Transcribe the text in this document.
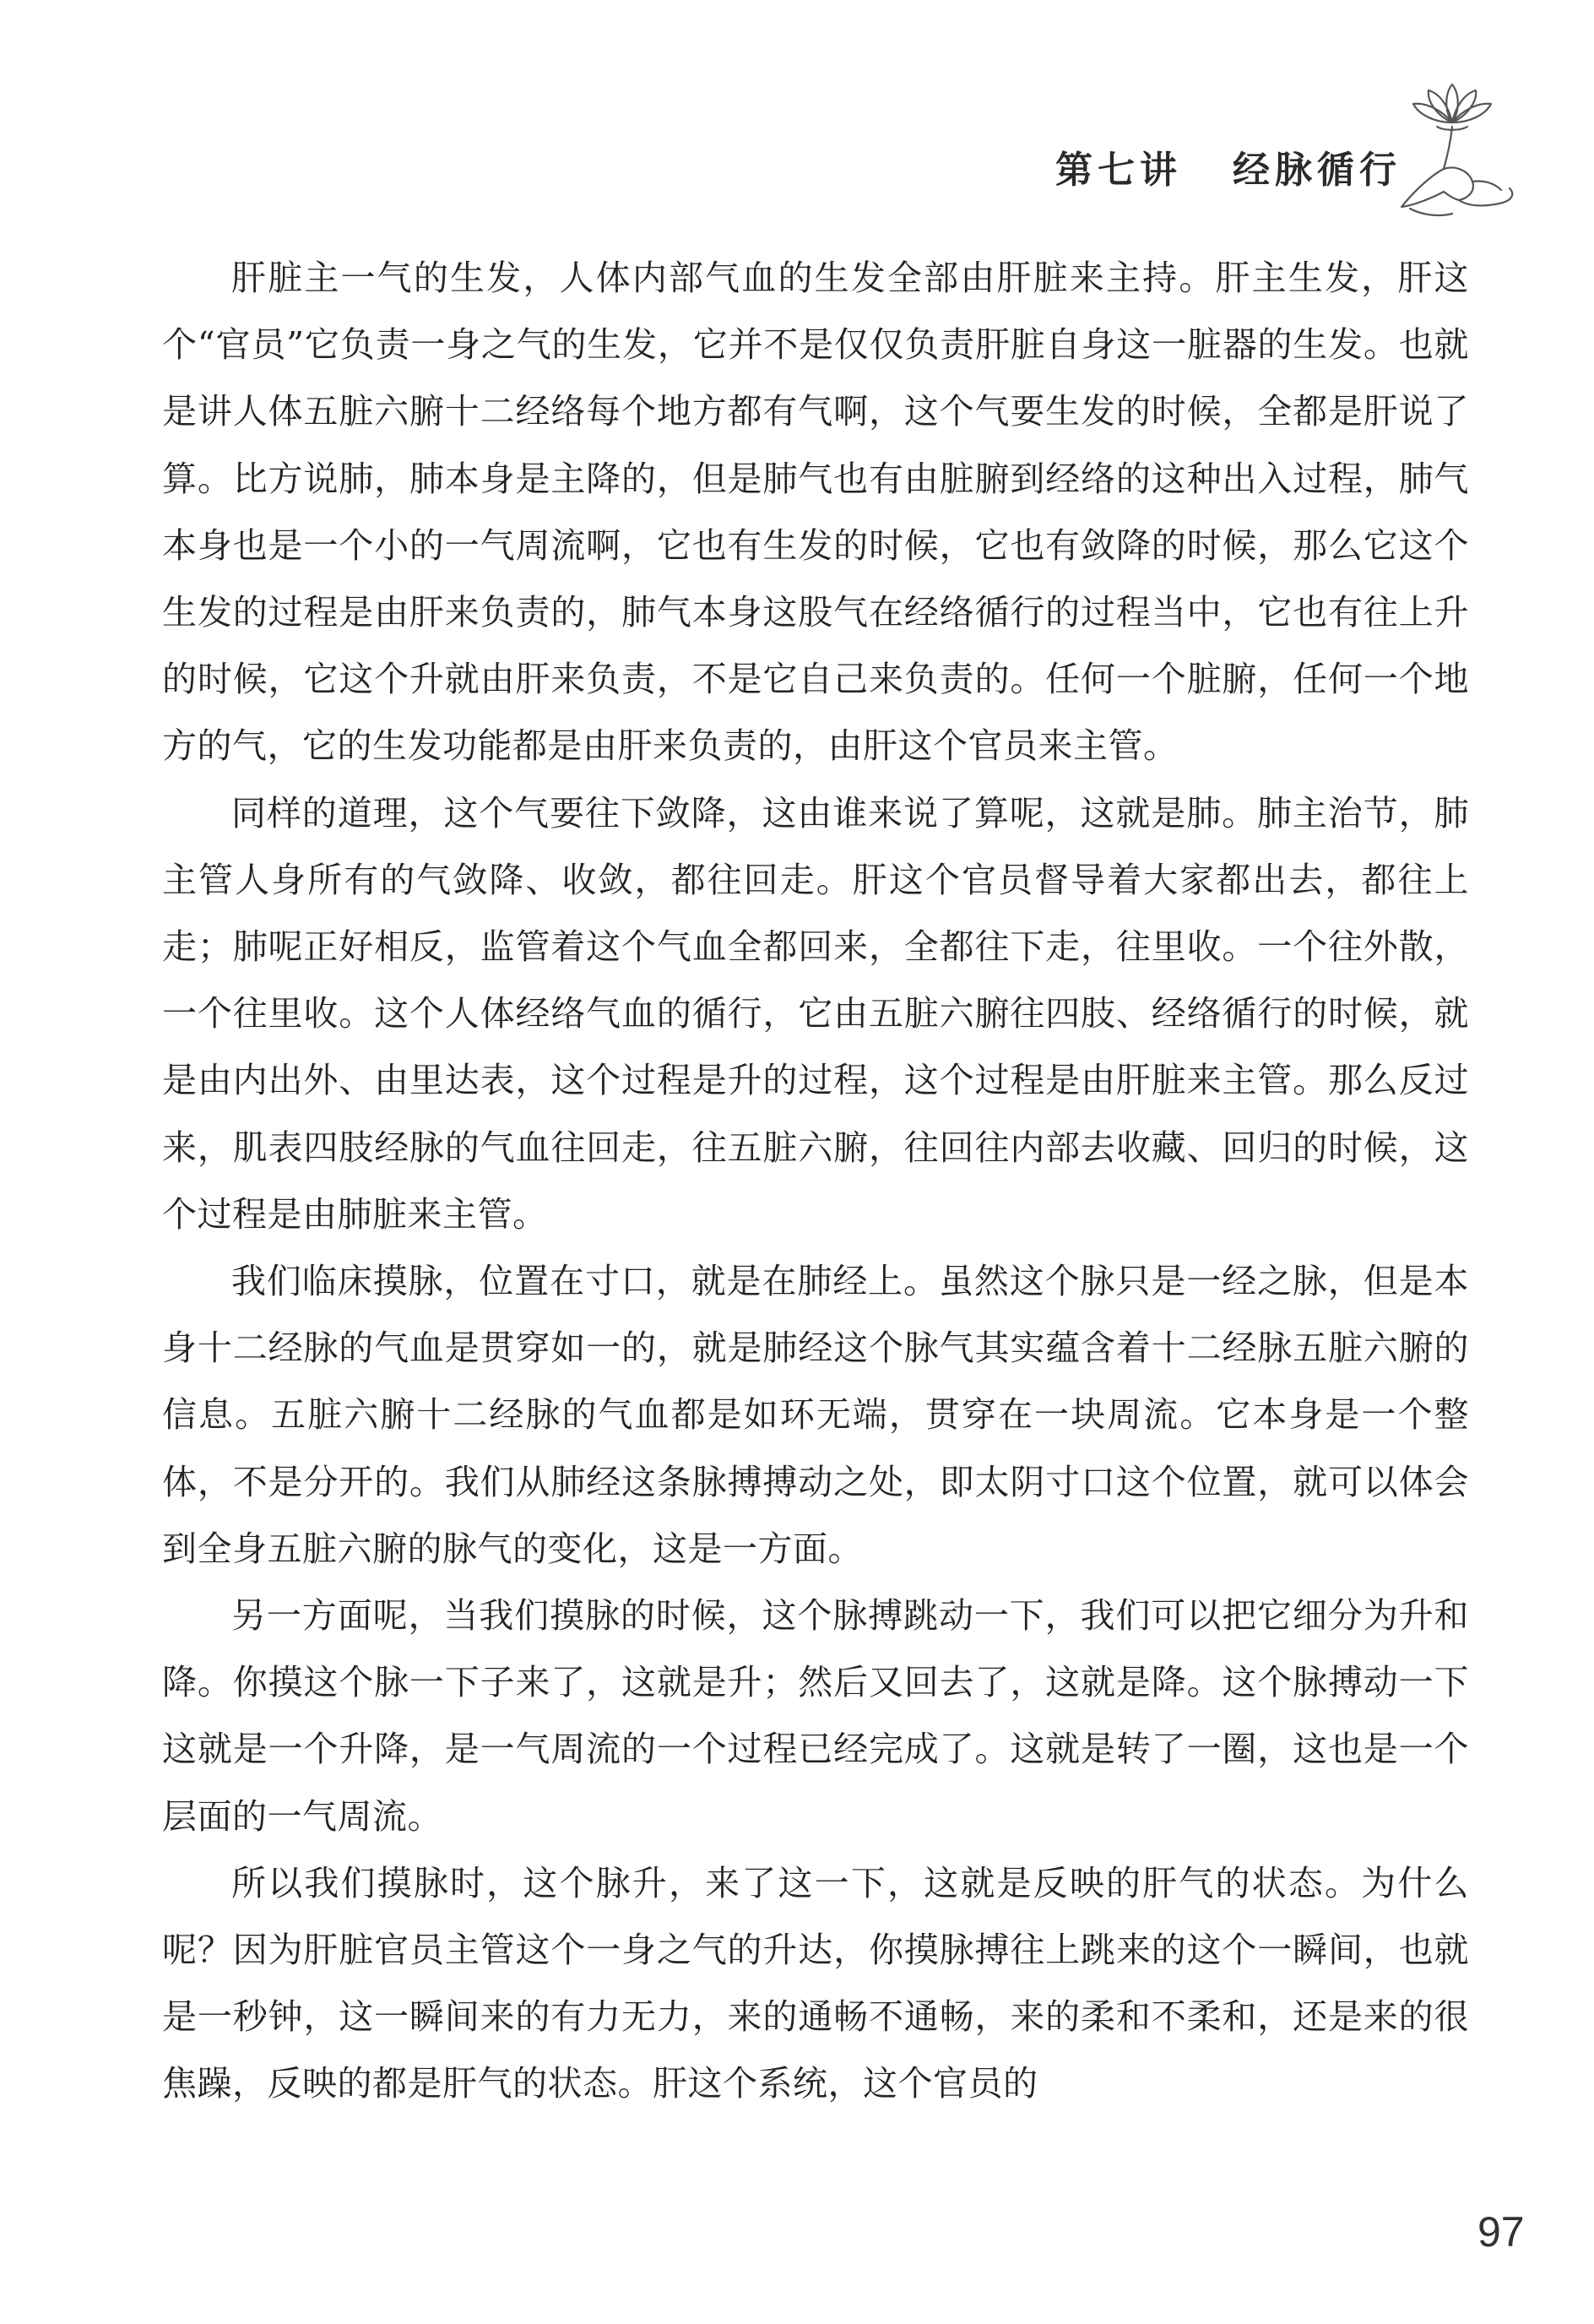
第七讲 经脉循行

肝脏主一气的生发，人体内部气血的生发全部由肝脏来主持。肝主生发，肝这个“官员”它负责一身之气的生发，它并不是仅仅负责肝脏自身这一脏器的生发。也就是讲人体五脏六腑十二经络每个地方都有气啊，这个气要生发的时候，全都是肝说了算。比方说肺，肺本身是主降的，但是肺气也有由脏腑到经络的这种出入过程，肺气本身也是一个小的一气周流啊，它也有生发的时候，它也有敛降的时候，那么它这个生发的过程是由肝来负责的，肺气本身这股气在经络循行的过程当中，它也有往上升的时候，它这个升就由肝来负责，不是它自己来负责的。任何一个脏腑，任何一个地方的气，它的生发功能都是由肝来负责的，由肝这个官员来主管。

同样的道理，这个气要往下敛降，这由谁来说了算呢，这就是肺。肺主治节，肺主管人身所有的气敛降、收敛，都往回走。肝这个官员督导着大家都出去，都往上走；肺呢正好相反，监管着这个气血全都回来，全都往下走，往里收。一个往外散，一个往里收。这个人体经络气血的循行，它由五脏六腑往四肢、经络循行的时候，就是由内出外、由里达表，这个过程是升的过程，这个过程是由肝脏来主管。那么反过来，肌表四肢经脉的气血往回走，往五脏六腑，往回往内部去收藏、回归的时候，这个过程是由肺脏来主管。

我们临床摸脉，位置在寸口，就是在肺经上。虽然这个脉只是一经之脉，但是本身十二经脉的气血是贯穿如一的，就是肺经这个脉气其实蕴含着十二经脉五脏六腑的信息。五脏六腑十二经脉的气血都是如环无端，贯穿在一块周流。它本身是一个整体，不是分开的。我们从肺经这条脉搏搏动之处，即太阴寸口这个位置，就可以体会到全身五脏六腑的脉气的变化，这是一方面。

另一方面呢，当我们摸脉的时候，这个脉搏跳动一下，我们可以把它细分为升和降。你摸这个脉一下子来了，这就是升；然后又回去了，这就是降。这个脉搏动一下这就是一个升降，是一气周流的一个过程已经完成了。这就是转了一圈，这也是一个层面的一气周流。

所以我们摸脉时，这个脉升，来了这一下，这就是反映的肝气的状态。为什么呢？因为肝脏官员主管这个一身之气的升达，你摸脉搏往上跳来的这个一瞬间，也就是一秒钟，这一瞬间来的有力无力，来的通畅不通畅，来的柔和不柔和，还是来的很焦躁，反映的都是肝气的状态。肝这个系统，这个官员的

97
